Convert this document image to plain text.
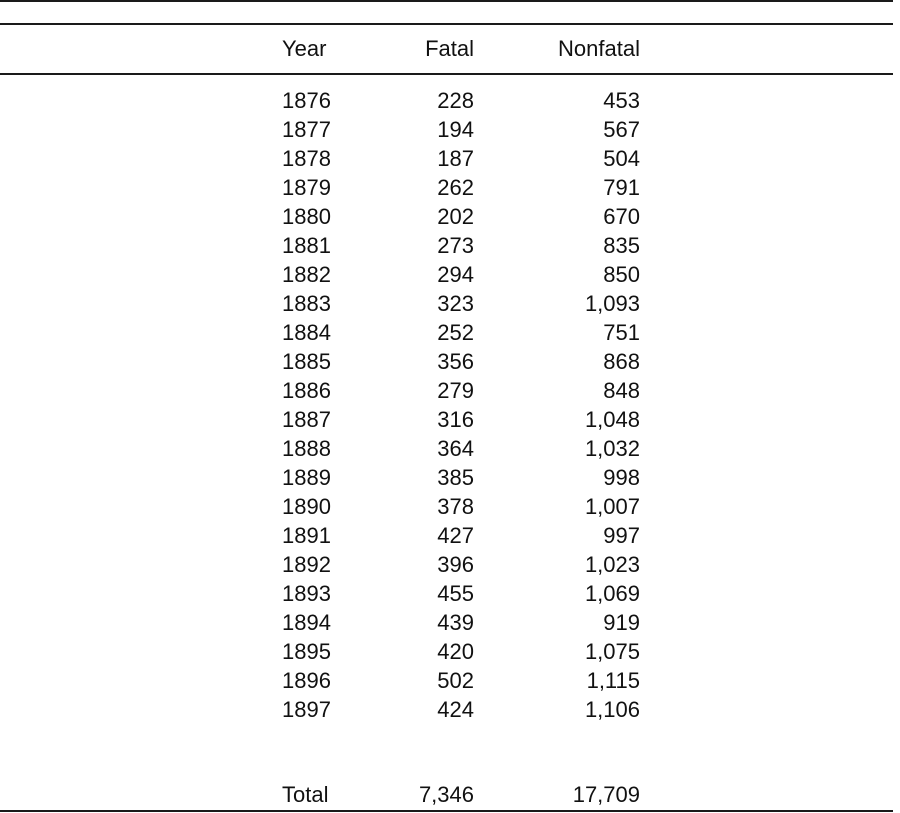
Year	Fatal	Nonfatal
1876	228	453
1877	194	567
1878	187	504
1879	262	791
1880	202	670
1881	273	835
1882	294	850
1883	323	1,093
1884	252	751
1885	356	868
1886	279	848
1887	316	1,048
1888	364	1,032
1889	385	998
1890	378	1,007
1891	427	997
1892	396	1,023
1893	455	1,069
1894	439	919
1895	420	1,075
1896	502	1,115
1897	424	1,106
Total	7,346	17,709
